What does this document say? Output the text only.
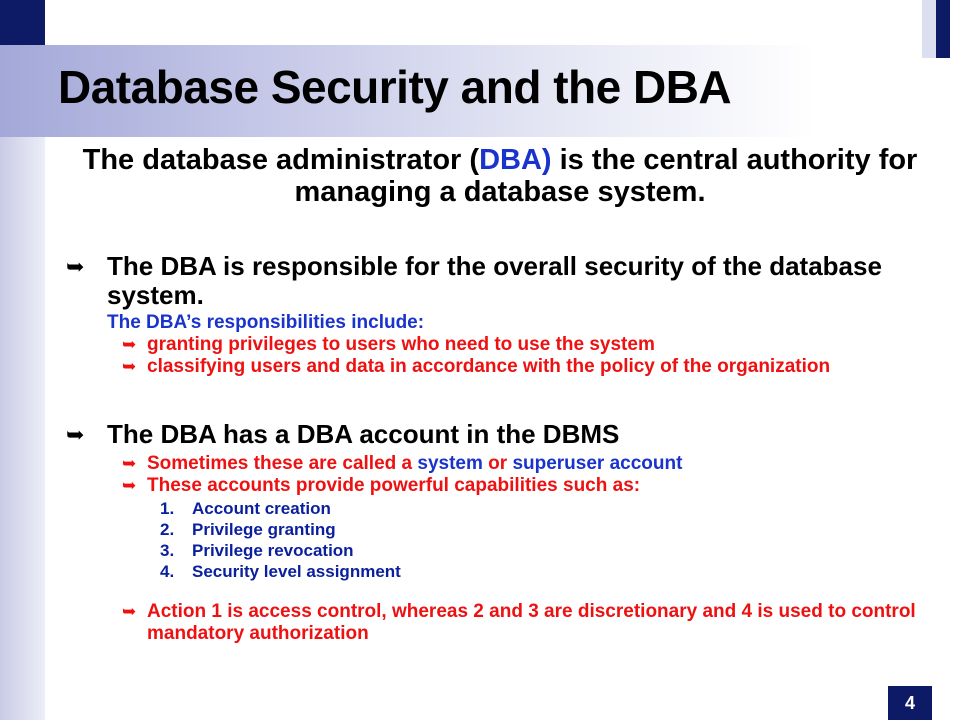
Database Security and the DBA
The database administrator (DBA) is the central authority for managing a database system.
➥ The DBA is responsible for the overall security of the database system.
The DBA’s responsibilities include:
➥ granting privileges to users who need to use the system
➥ classifying users and data in accordance with the policy of the organization
➥ The DBA has a DBA account in the DBMS
➥ Sometimes these are called a system or superuser account
➥ These accounts provide powerful capabilities such as:
1. Account creation
2. Privilege granting
3. Privilege revocation
4. Security level assignment
➥ Action 1 is access control, whereas 2 and 3 are discretionary and 4 is used to control mandatory authorization
4
